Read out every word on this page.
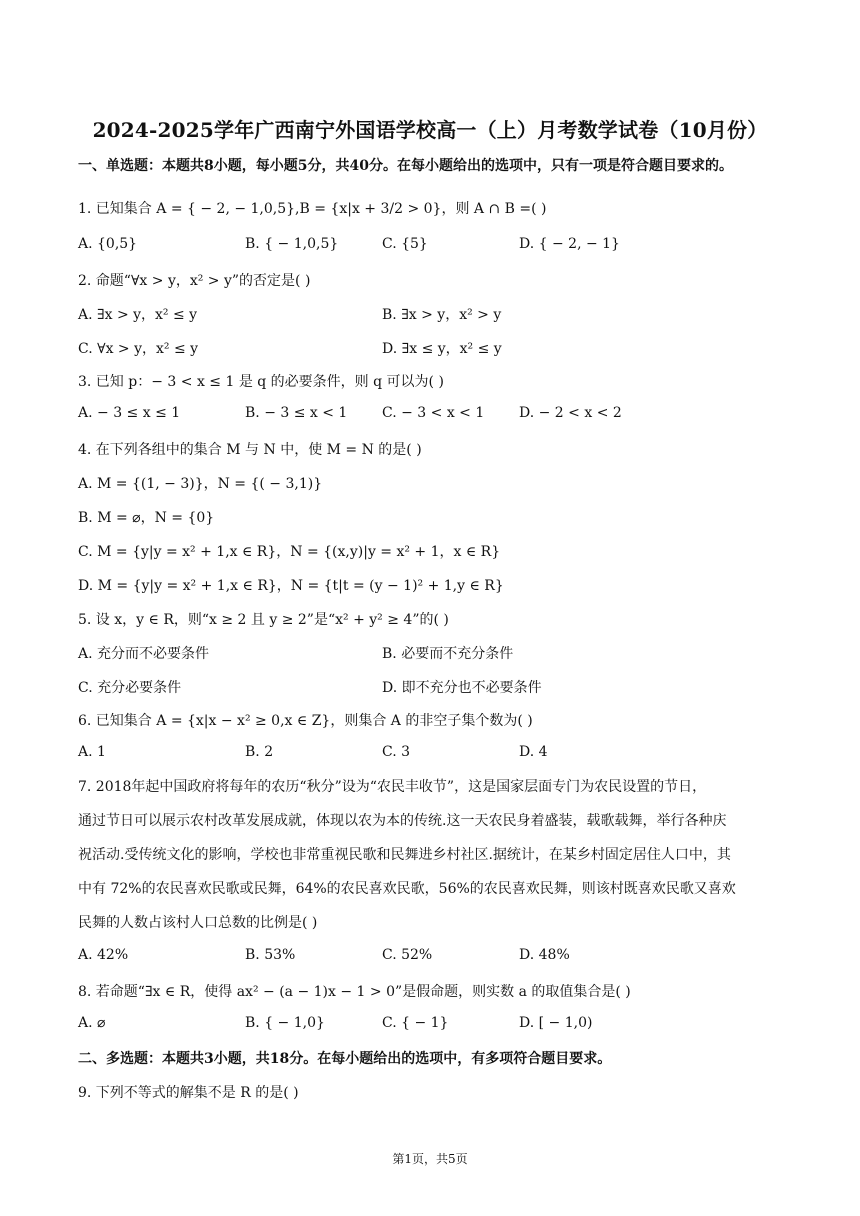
2024-2025学年广西南宁外国语学校高一（上）月考数学试卷（10月份）
一、单选题：本题共8小题，每小题5分，共40分。在每小题给出的选项中，只有一项是符合题目要求的。
1. 已知集合 A = { − 2, − 1,0,5},B = {x|x + 3/2 > 0}，则 A ∩ B =( )
A. {0,5}	B. { − 1,0,5}	C. {5}	D. { − 2, − 1}
2. 命题“∀x > y，x² > y”的否定是( )
A. ∃x > y，x² ≤ y	B. ∃x > y，x² > y
C. ∀x > y，x² ≤ y	D. ∃x ≤ y，x² ≤ y
3. 已知 p：− 3 < x ≤ 1 是 q 的必要条件，则 q 可以为( )
A. − 3 ≤ x ≤ 1	B. − 3 ≤ x < 1 C. − 3 < x < 1 D. − 2 < x < 2
4. 在下列各组中的集合 M 与 N 中，使 M = N 的是( )
A. M = {(1, − 3)}，N = {( − 3,1)}
B. M = ⌀，N = {0}
C. M = {y|y = x² + 1,x ∈ R}，N = {(x,y)|y = x² + 1，x ∈ R}
D. M = {y|y = x² + 1,x ∈ R}，N = {t|t = (y − 1)² + 1,y ∈ R}
5. 设 x，y ∈ R，则“x ≥ 2 且 y ≥ 2”是“x² + y² ≥ 4”的( )
A. 充分而不必要条件	B. 必要而不充分条件
C. 充分必要条件	D. 即不充分也不必要条件
6. 已知集合 A = {x|x − x² ≥ 0,x ∈ Z}，则集合 A 的非空子集个数为( )
A. 1	B. 2	C. 3	D. 4
7. 2018年起中国政府将每年的农历“秋分”设为“农民丰收节”，这是国家层面专门为农民设置的节日，
通过节日可以展示农村改革发展成就，体现以农为本的传统.这一天农民身着盛装，载歌载舞，举行各种庆
祝活动.受传统文化的影响，学校也非常重视民歌和民舞进乡村社区.据统计，在某乡村固定居住人口中，其
中有 72%的农民喜欢民歌或民舞，64%的农民喜欢民歌，56%的农民喜欢民舞，则该村既喜欢民歌又喜欢
民舞的人数占该村人口总数的比例是( )
A. 42%	B. 53%	C. 52%	D. 48%
8. 若命题“∃x ∈ R，使得 ax² − (a − 1)x − 1 > 0”是假命题，则实数 a 的取值集合是( )
A. ⌀	B. { − 1,0}	C. { − 1}	D. [ − 1,0)
二、多选题：本题共3小题，共18分。在每小题给出的选项中，有多项符合题目要求。
9. 下列不等式的解集不是 R 的是( )
第1页，共5页
